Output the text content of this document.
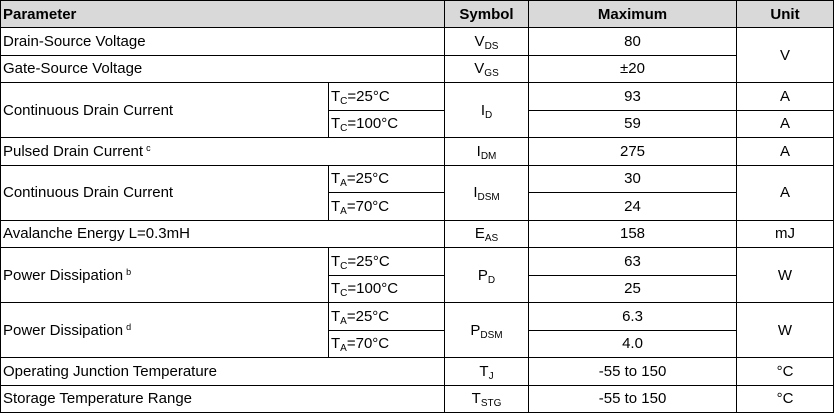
Parameter		Symbol	Maximum	Unit
Drain-Source Voltage		$V_{DS}$	80	V
Gate-Source Voltage		$V_{GS}$	±20	
Continuous Drain Current	$T_C=25^\circ C$	$I_D$	93	A
	$T_C=100^\circ C$		59	A
Pulsed Drain Current $^c$		$I_{DM}$	275	A
Continuous Drain Current	$T_A=25^\circ C$	$I_{DSM}$	30	A
	$T_A=70^\circ C$		24	
Avalanche Energy L=0.3mH		$E_{AS}$	158	mJ
Power Dissipation $^b$	$T_C=25^\circ C$	$P_D$	63	W
	$T_C=100^\circ C$		25	
Power Dissipation $^d$	$T_A=25^\circ C$	$P_{DSM}$	6.3	W
	$T_A=70^\circ C$		4.0	
Operating Junction Temperature		$T_J$	-55 to 150	°C
Storage Temperature Range		$T_{STG}$	-55 to 150	°C
